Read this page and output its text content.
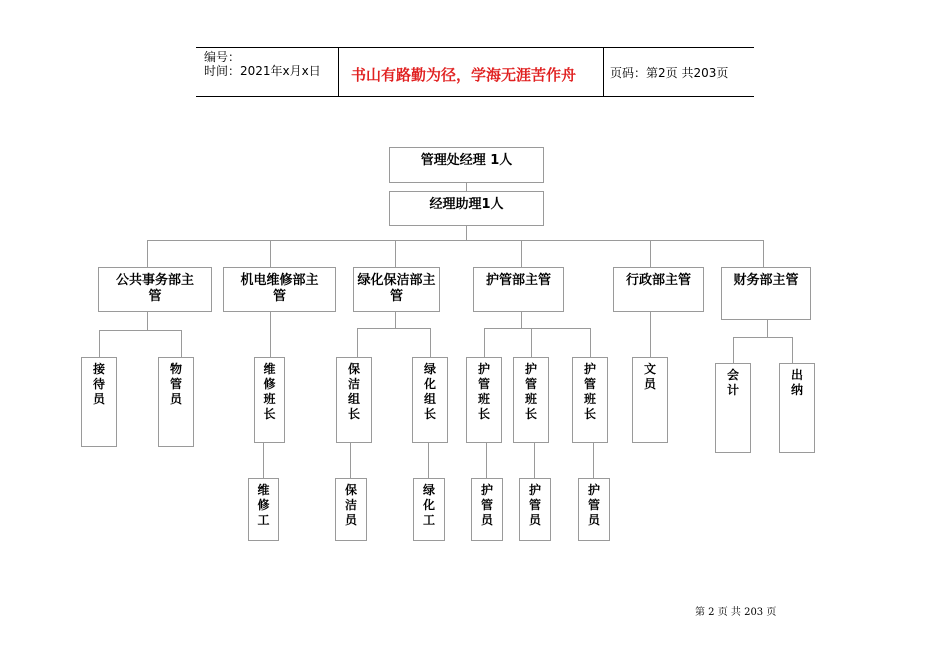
编号：
时间：2021年x月x日 书山有路勤为径，学海无涯苦作舟	页码：第2页 共203页
管理处经理 1人
经理助理1人
公共事务部主管
机电维修部主管
绿化保洁部主管
护管部主管	行政部主管	财务部主管
接待员
物管员
维修班长
保洁组长
绿化组长
护管班长
护管班长
护管班长
文员
会计
出纳
维修工
保洁员
绿化工
护管员
护管员
护管员
第 2 页 共 203 页
